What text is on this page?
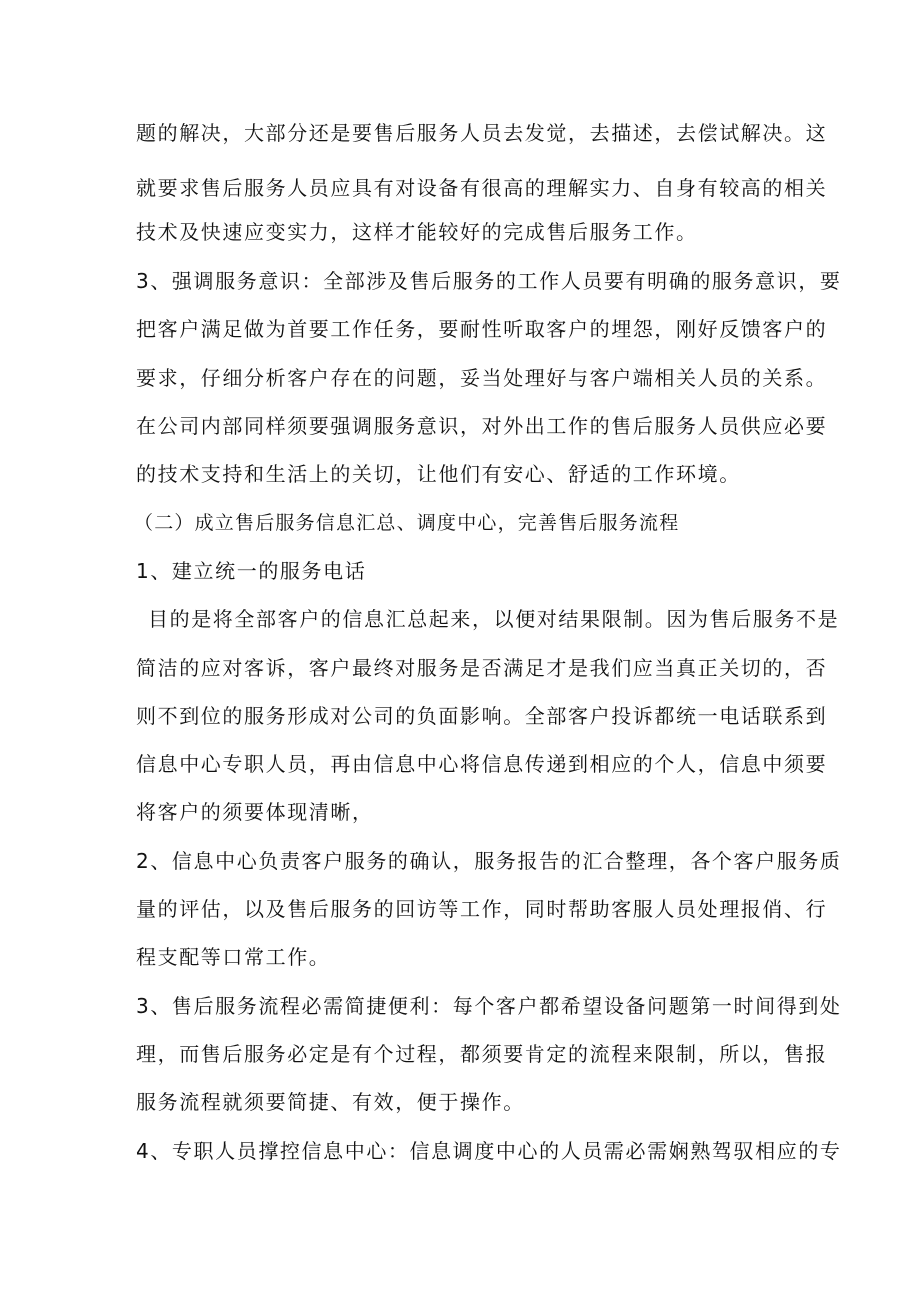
题的解决，大部分还是要售后服务人员去发觉，去描述，去偿试解决。这
就要求售后服务人员应具有对设备有很高的理解实力、自身有较高的相关
技术及快速应变实力，这样才能较好的完成售后服务工作。
3、强调服务意识：全部涉及售后服务的工作人员要有明确的服务意识，要
把客户满足做为首要工作任务，要耐性听取客户的埋怨，刚好反馈客户的
要求，仔细分析客户存在的问题，妥当处理好与客户端相关人员的关系。
在公司内部同样须要强调服务意识，对外出工作的售后服务人员供应必要
的技术支持和生活上的关切，让他们有安心、舒适的工作环境。
（二）成立售后服务信息汇总、调度中心，完善售后服务流程
1、建立统一的服务电话
目的是将全部客户的信息汇总起来，以便对结果限制。因为售后服务不是
简洁的应对客诉，客户最终对服务是否满足才是我们应当真正关切的，否
则不到位的服务形成对公司的负面影响。全部客户投诉都统一电话联系到
信息中心专职人员，再由信息中心将信息传递到相应的个人，信息中须要
将客户的须要体现清晰，
2、信息中心负责客户服务的确认，服务报告的汇合整理，各个客户服务质
量的评估，以及售后服务的回访等工作，同时帮助客服人员处理报俏、行
程支配等口常工作。
3、售后服务流程必需简捷便利：每个客户都希望设备问题第一时间得到处
理，而售后服务必定是有个过程，都须要肯定的流程来限制，所以，售报
服务流程就须要简捷、有效，便于操作。
4、专职人员撑控信息中心：信息调度中心的人员需必需娴熟驾驭相应的专
